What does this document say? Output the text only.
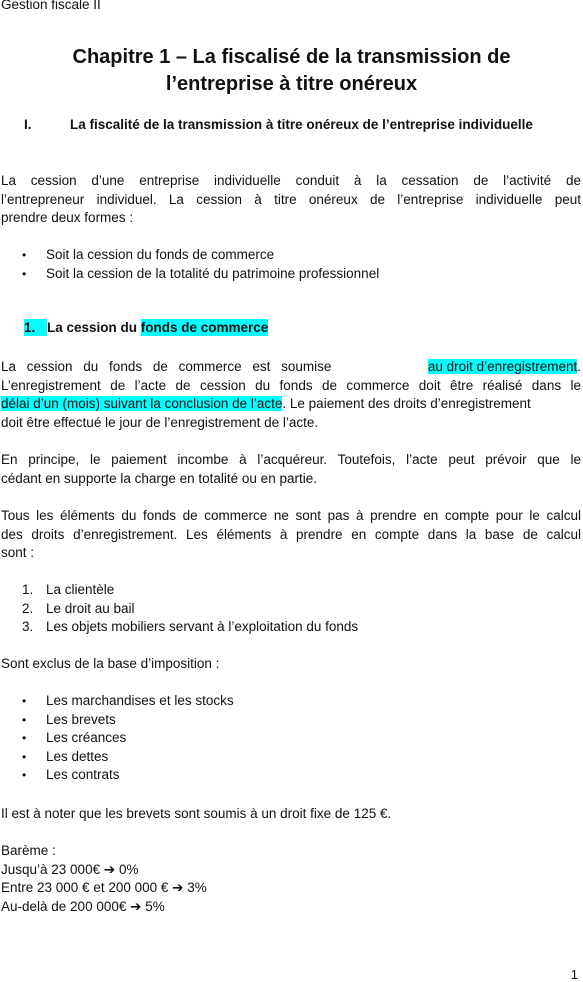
Gestion fiscale II
Chapitre 1 – La fiscalisé de la transmission de
l’entreprise à titre onéreux
I.	La fiscalité de la transmission à titre onéreux de l’entreprise individuelle
La cession d’une entreprise individuelle conduit à la cessation de l’activité de
l’entrepreneur individuel. La cession à titre onéreux de l’entreprise individuelle peut
prendre deux formes :
• Soit la cession du fonds de commerce
• Soit la cession de la totalité du patrimoine professionnel
1. La cession du fonds de commerce
La cession du fonds de commerce est soumise	au droit d’enregistrement.
L’enregistrement de l’acte de cession du fonds de commerce doit être réalisé dans le
délai d’un (mois) suivant la conclusion de l’acte. Le paiement des droits d’enregistrement
doit être effectué le jour de l’enregistrement de l’acte.
En principe, le paiement incombe à l’acquéreur. Toutefois, l’acte peut prévoir que le
cédant en supporte la charge en totalité ou en partie.
Tous les éléments du fonds de commerce ne sont pas à prendre en compte pour le calcul
des droits d’enregistrement. Les éléments à prendre en compte dans la base de calcul
sont :
1. La clientèle
2. Le droit au bail
3. Les objets mobiliers servant à l’exploitation du fonds
Sont exclus de la base d’imposition :
• Les marchandises et les stocks
• Les brevets
• Les créances
• Les dettes
• Les contrats
Il est à noter que les brevets sont soumis à un droit fixe de 125 €.
Barème :
Jusqu’à 23 000€ ➔ 0%
Entre 23 000 € et 200 000 € ➔ 3%
Au-delà de 200 000€ ➔ 5%
1
